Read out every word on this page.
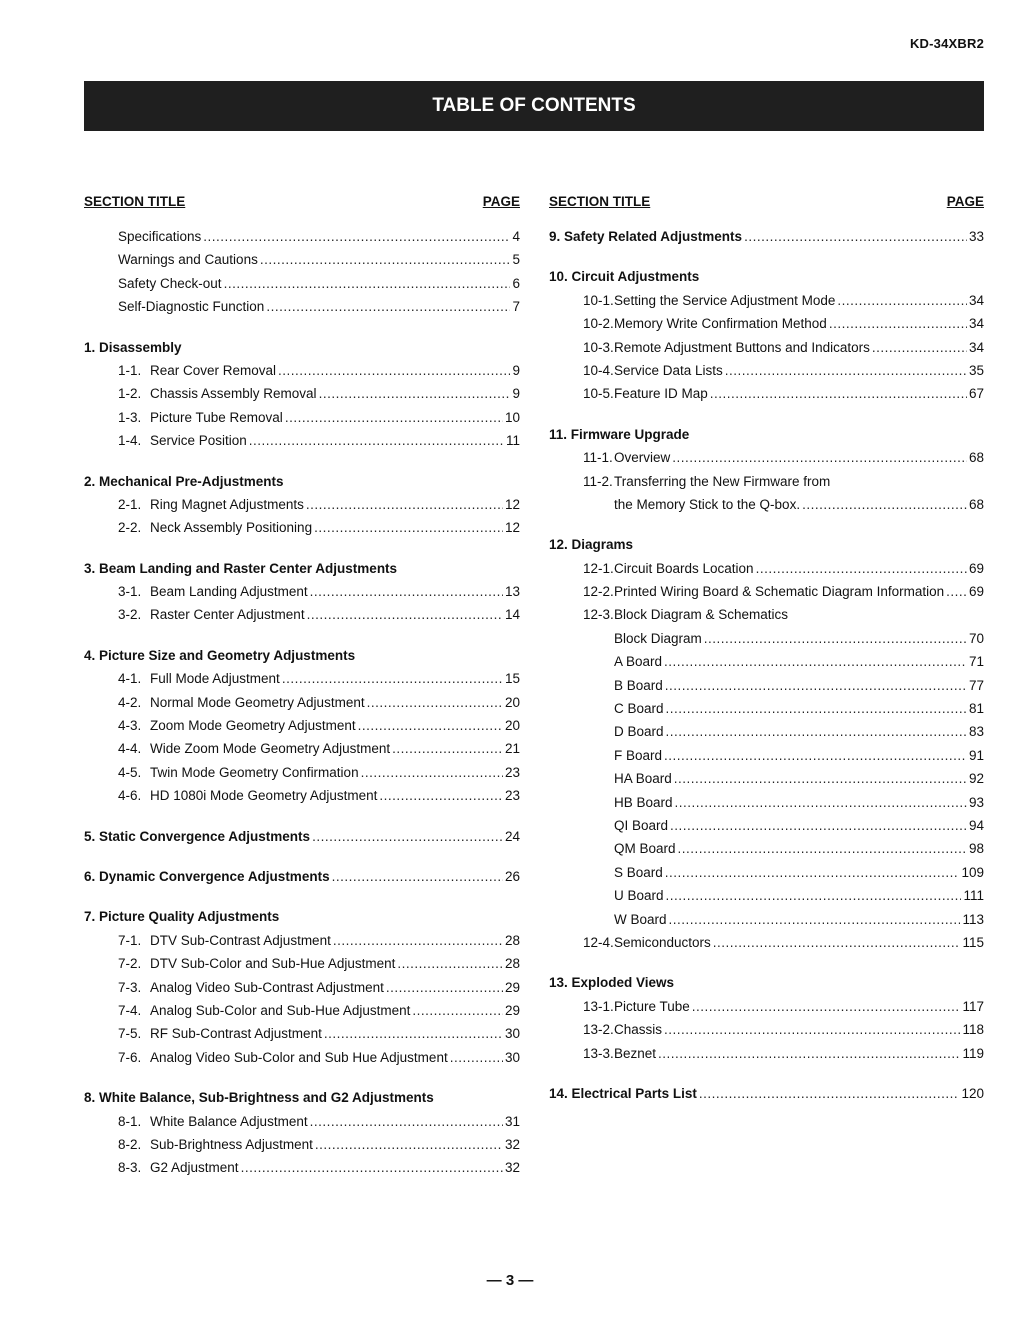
KD-34XBR2
TABLE OF CONTENTS
SECTION TITLE	PAGE
Specifications .....	4
Warnings and Cautions .....	5
Safety Check-out .....	6
Self-Diagnostic Function .....	7
1. Disassembly
1-1. Rear Cover Removal .....	9
1-2. Chassis Assembly Removal .....	9
1-3. Picture Tube Removal .....	10
1-4. Service Position .....	11
2. Mechanical Pre-Adjustments
2-1. Ring Magnet Adjustments .....	12
2-2. Neck Assembly Positioning .....	12
3. Beam Landing and Raster Center Adjustments
3-1. Beam Landing Adjustment .....	13
3-2. Raster Center Adjustment .....	14
4. Picture Size and Geometry Adjustments
4-1. Full Mode Adjustment .....	15
4-2. Normal Mode Geometry Adjustment .....	20
4-3. Zoom Mode Geometry Adjustment .....	20
4-4. Wide Zoom Mode Geometry Adjustment .....	21
4-5. Twin Mode Geometry Confirmation .....	23
4-6. HD 1080i Mode Geometry Adjustment .....	23
5. Static Convergence Adjustments .....	24
6. Dynamic Convergence Adjustments .....	26
7. Picture Quality Adjustments
7-1. DTV Sub-Contrast Adjustment .....	28
7-2. DTV Sub-Color and Sub-Hue Adjustment .....	28
7-3. Analog Video Sub-Contrast Adjustment .....	29
7-4. Analog Sub-Color and Sub-Hue Adjustment .....	29
7-5. RF Sub-Contrast Adjustment .....	30
7-6. Analog Video Sub-Color and Sub Hue Adjustment .....	30
8. White Balance, Sub-Brightness and G2 Adjustments
8-1. White Balance Adjustment .....	31
8-2. Sub-Brightness Adjustment .....	32
8-3. G2 Adjustment .....	32
SECTION TITLE	PAGE
9. Safety Related Adjustments .....	33
10. Circuit Adjustments
10-1. Setting the Service Adjustment Mode .....	34
10-2. Memory Write Confirmation Method .....	34
10-3. Remote Adjustment Buttons and Indicators .....	34
10-4. Service Data Lists .....	35
10-5. Feature ID Map .....	67
11. Firmware Upgrade
11-1. Overview .....	68
11-2. Transferring the New Firmware from
the Memory Stick to the Q-box. .....	68
12. Diagrams
12-1. Circuit Boards Location .....	69
12-2. Printed Wiring Board & Schematic Diagram Information ..... 69
12-3. Block Diagram & Schematics
Block Diagram .....	70
A Board .....	71
B Board .....	77
C Board .....	81
D Board .....	83
F Board .....	91
HA Board .....	92
HB Board .....	93
QI Board .....	94
QM Board .....	98
S Board .....	109
U Board .....	111
W Board .....	113
12-4. Semiconductors .....	115
13. Exploded Views
13-1. Picture Tube .....	117
13-2. Chassis .....	118
13-3. Beznet .....	119
14. Electrical Parts List .....	120
— 3 —
